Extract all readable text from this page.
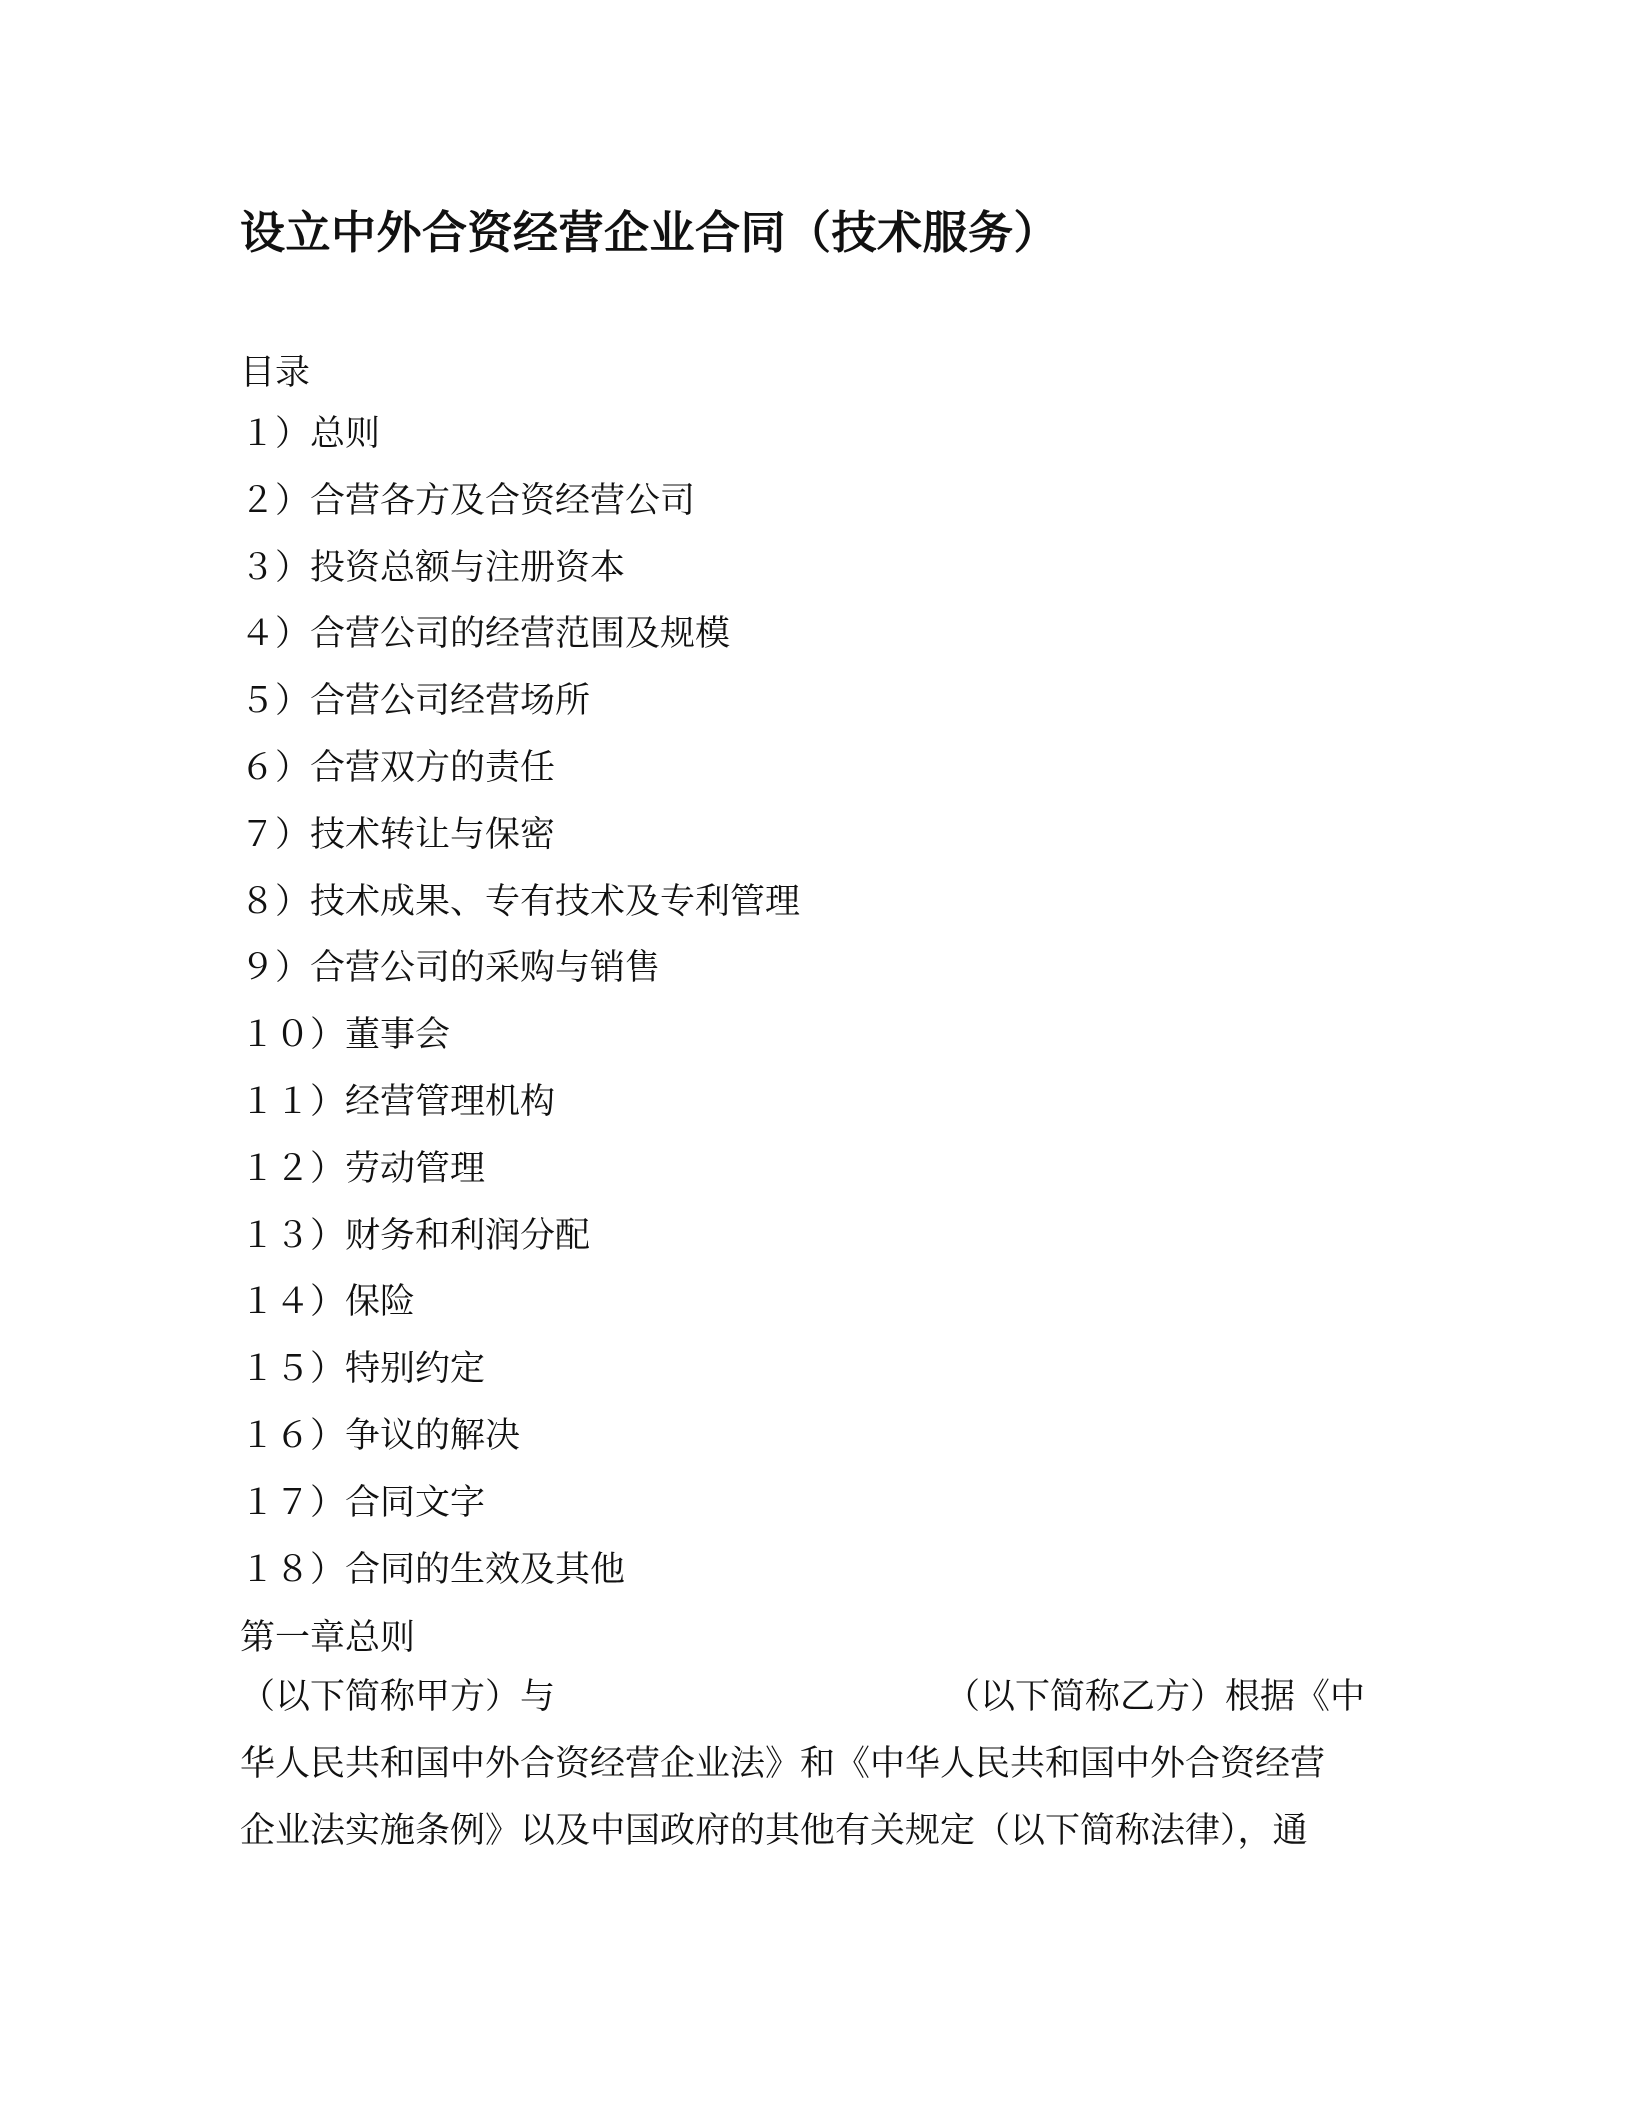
设立中外合资经营企业合同（技术服务）
目录
１）总则
２）合营各方及合资经营公司
３）投资总额与注册资本
４）合营公司的经营范围及规模
５）合营公司经营场所
６）合营双方的责任
７）技术转让与保密
８）技术成果、专有技术及专利管理
９）合营公司的采购与销售
１０）董事会
１１）经营管理机构
１２）劳动管理
１３）财务和利润分配
１４）保险
１５）特别约定
１６）争议的解决
１７）合同文字
１８）合同的生效及其他
第一章总则
（以下简称甲方）与	（以下简称乙方）根据《中
华人民共和国中外合资经营企业法》和《中华人民共和国中外合资经营
企业法实施条例》以及中国政府的其他有关规定（以下简称法律），通
